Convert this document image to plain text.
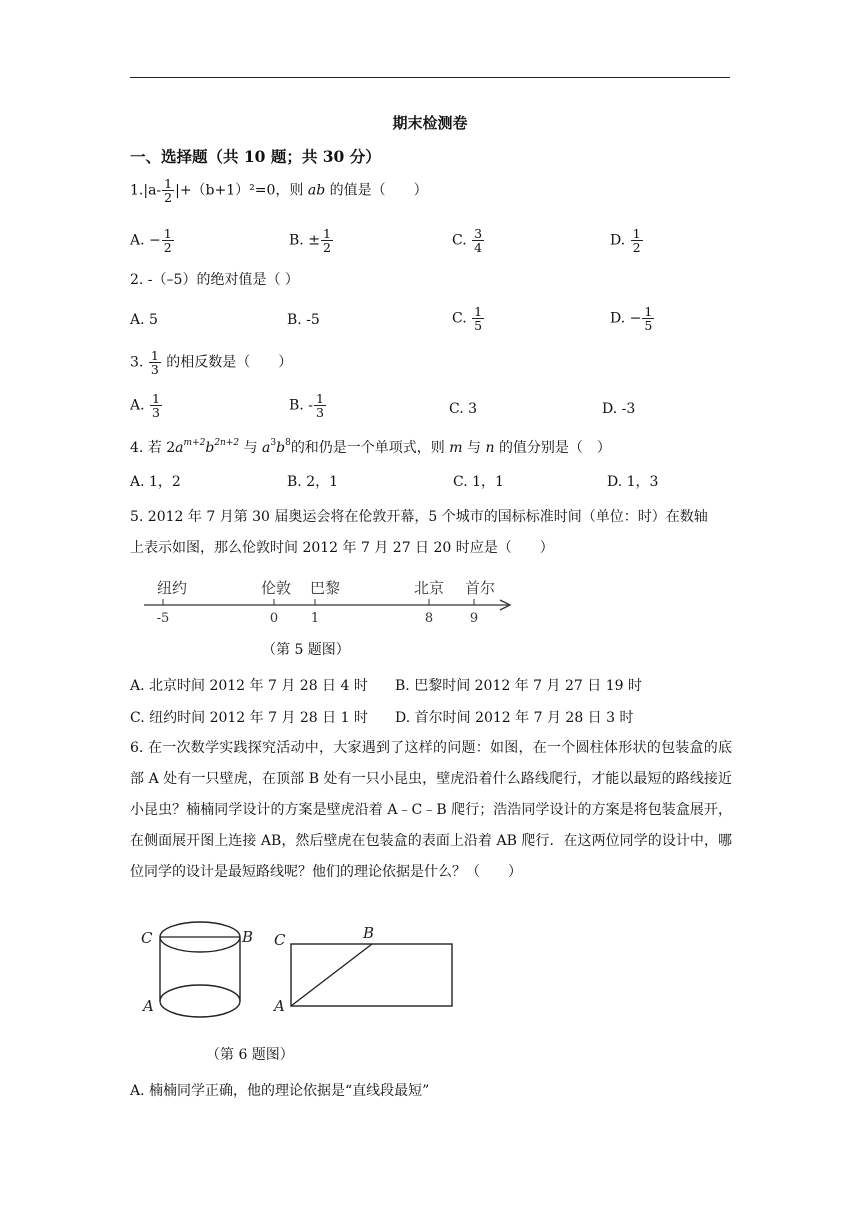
期末检测卷
一、选择题（共 10 题；共 30 分）
$1.|a- \frac{1}{2} |+(b+1)^2=0$，则 ab 的值是（　　）
A. − $\frac{1}{2}$	B. ± $\frac{1}{2}$	C. $\frac{3}{4}$	D. $\frac{1}{2}$
2. -（–5）的绝对值是（ ）
A. 5	B. -5	C. $\frac{1}{5}$	D. − $\frac{1}{5}$
3. $\frac{1}{3}$ 的相反数是（　　）
A. $\frac{1}{3}$	B. - $\frac{1}{3}$	C. 3	D. -3
4. 若 $2a^{m+2}b^{2n+2}$ 与 $a^3b^8$的和仍是一个单项式，则 m 与 n 的值分别是（　）
A. 1，2	B. 2，1	C. 1，1	D. 1，3
5. 2012 年 7 月第 30 届奥运会将在伦敦开幕，5 个城市的国标标准时间（单位：时）在数轴
上表示如图，那么伦敦时间 2012 年 7 月 27 日 20 时应是（　　）
纽约	伦敦 巴黎	北京 首尔
-5	0	1	8	9
（第 5 题图）
A. 北京时间 2012 年 7 月 28 日 4 时 B. 巴黎时间 2012 年 7 月 27 日 19 时
C. 纽约时间 2012 年 7 月 28 日 1 时 D. 首尔时间 2012 年 7 月 28 日 3 时
6. 在一次数学实践探究活动中，大家遇到了这样的问题：如图，在一个圆柱体形状的包装盒的底部 A 处有一只壁虎，在顶部 B 处有一只小昆虫，壁虎沿着什么路线爬行，才能以最短的路线接近小昆虫？楠楠同学设计的方案是壁虎沿着 A﹣C﹣B 爬行；浩浩同学设计的方案是将包装盒展开，在侧面展开图上连接 AB，然后壁虎在包装盒的表面上沿着 AB 爬行．在这两位同学的设计中，哪位同学的设计是最短路线呢？他们的理论依据是什么？（　　）
C	B
A
C	B
A
（第 6 题图）
A. 楠楠同学正确，他的理论依据是“直线段最短”
